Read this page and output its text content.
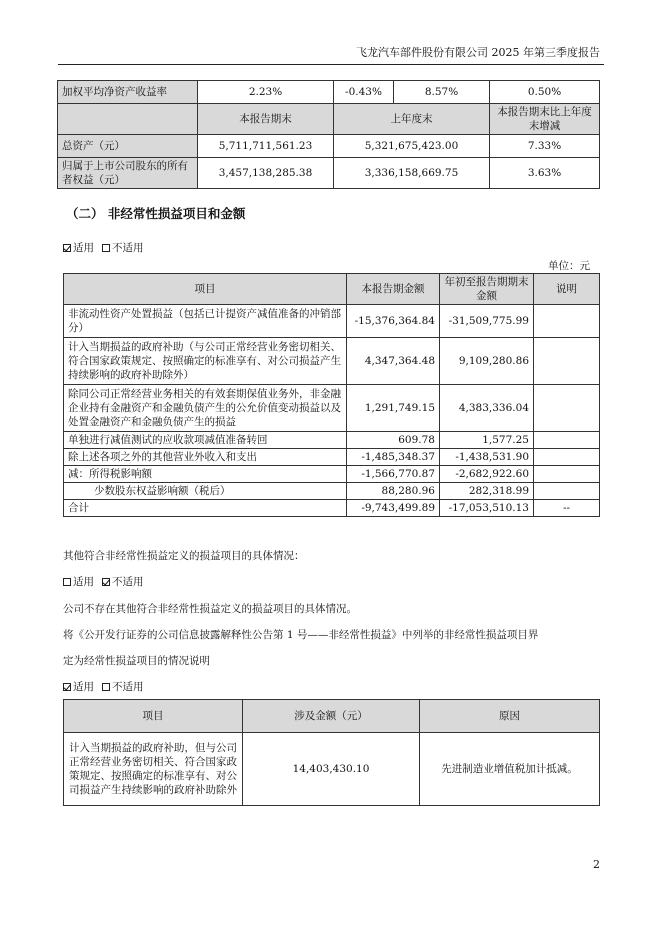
飞龙汽车部件股份有限公司 2025 年第三季度报告
加权平均净资产收益率	2.23%	-0.43%	8.57%	0.50%
	本报告期末	上年度末		本报告期末比上年度末增减
总资产（元）	5,711,711,561.23	5,321,675,423.00		7.33%
归属于上市公司股东的所有者权益（元）	3,457,138,285.38	3,336,158,669.75		3.63%
（二） 非经常性损益项目和金额
适用 不适用
单位：元
项目	本报告期金额	年初至报告期期末金额	说明
非流动性资产处置损益（包括已计提资产减值准备的冲销部分）	-15,376,364.84	-31,509,775.99	
计入当期损益的政府补助（与公司正常经营业务密切相关、符合国家政策规定、按照确定的标准享有、对公司损益产生持续影响的政府补助除外）	4,347,364.48	9,109,280.86	
除同公司正常经营业务相关的有效套期保值业务外，非金融企业持有金融资产和金融负债产生的公允价值变动损益以及处置金融资产和金融负债产生的损益	1,291,749.15	4,383,336.04	
单独进行减值测试的应收款项减值准备转回	609.78	1,577.25	
除上述各项之外的其他营业外收入和支出	-1,485,348.37	-1,438,531.90	
减：所得税影响额	-1,566,770.87	-2,682,922.60	
少数股东权益影响额（税后）	88,280.96	282,318.99	
合计	-9,743,499.89	-17,053,510.13	--
其他符合非经常性损益定义的损益项目的具体情况：
适用 不适用
公司不存在其他符合非经常性损益定义的损益项目的具体情况。
将《公开发行证券的公司信息披露解释性公告第 1 号——非经常性损益》中列举的非经常性损益项目界
定为经常性损益项目的情况说明
适用 不适用
项目	涉及金额（元）	原因
计入当期损益的政府补助，但与公司正常经营业务密切相关、符合国家政策规定、按照确定的标准享有、对公司损益产生持续影响的政府补助除外	14,403,430.10	先进制造业增值税加计抵减。
2
